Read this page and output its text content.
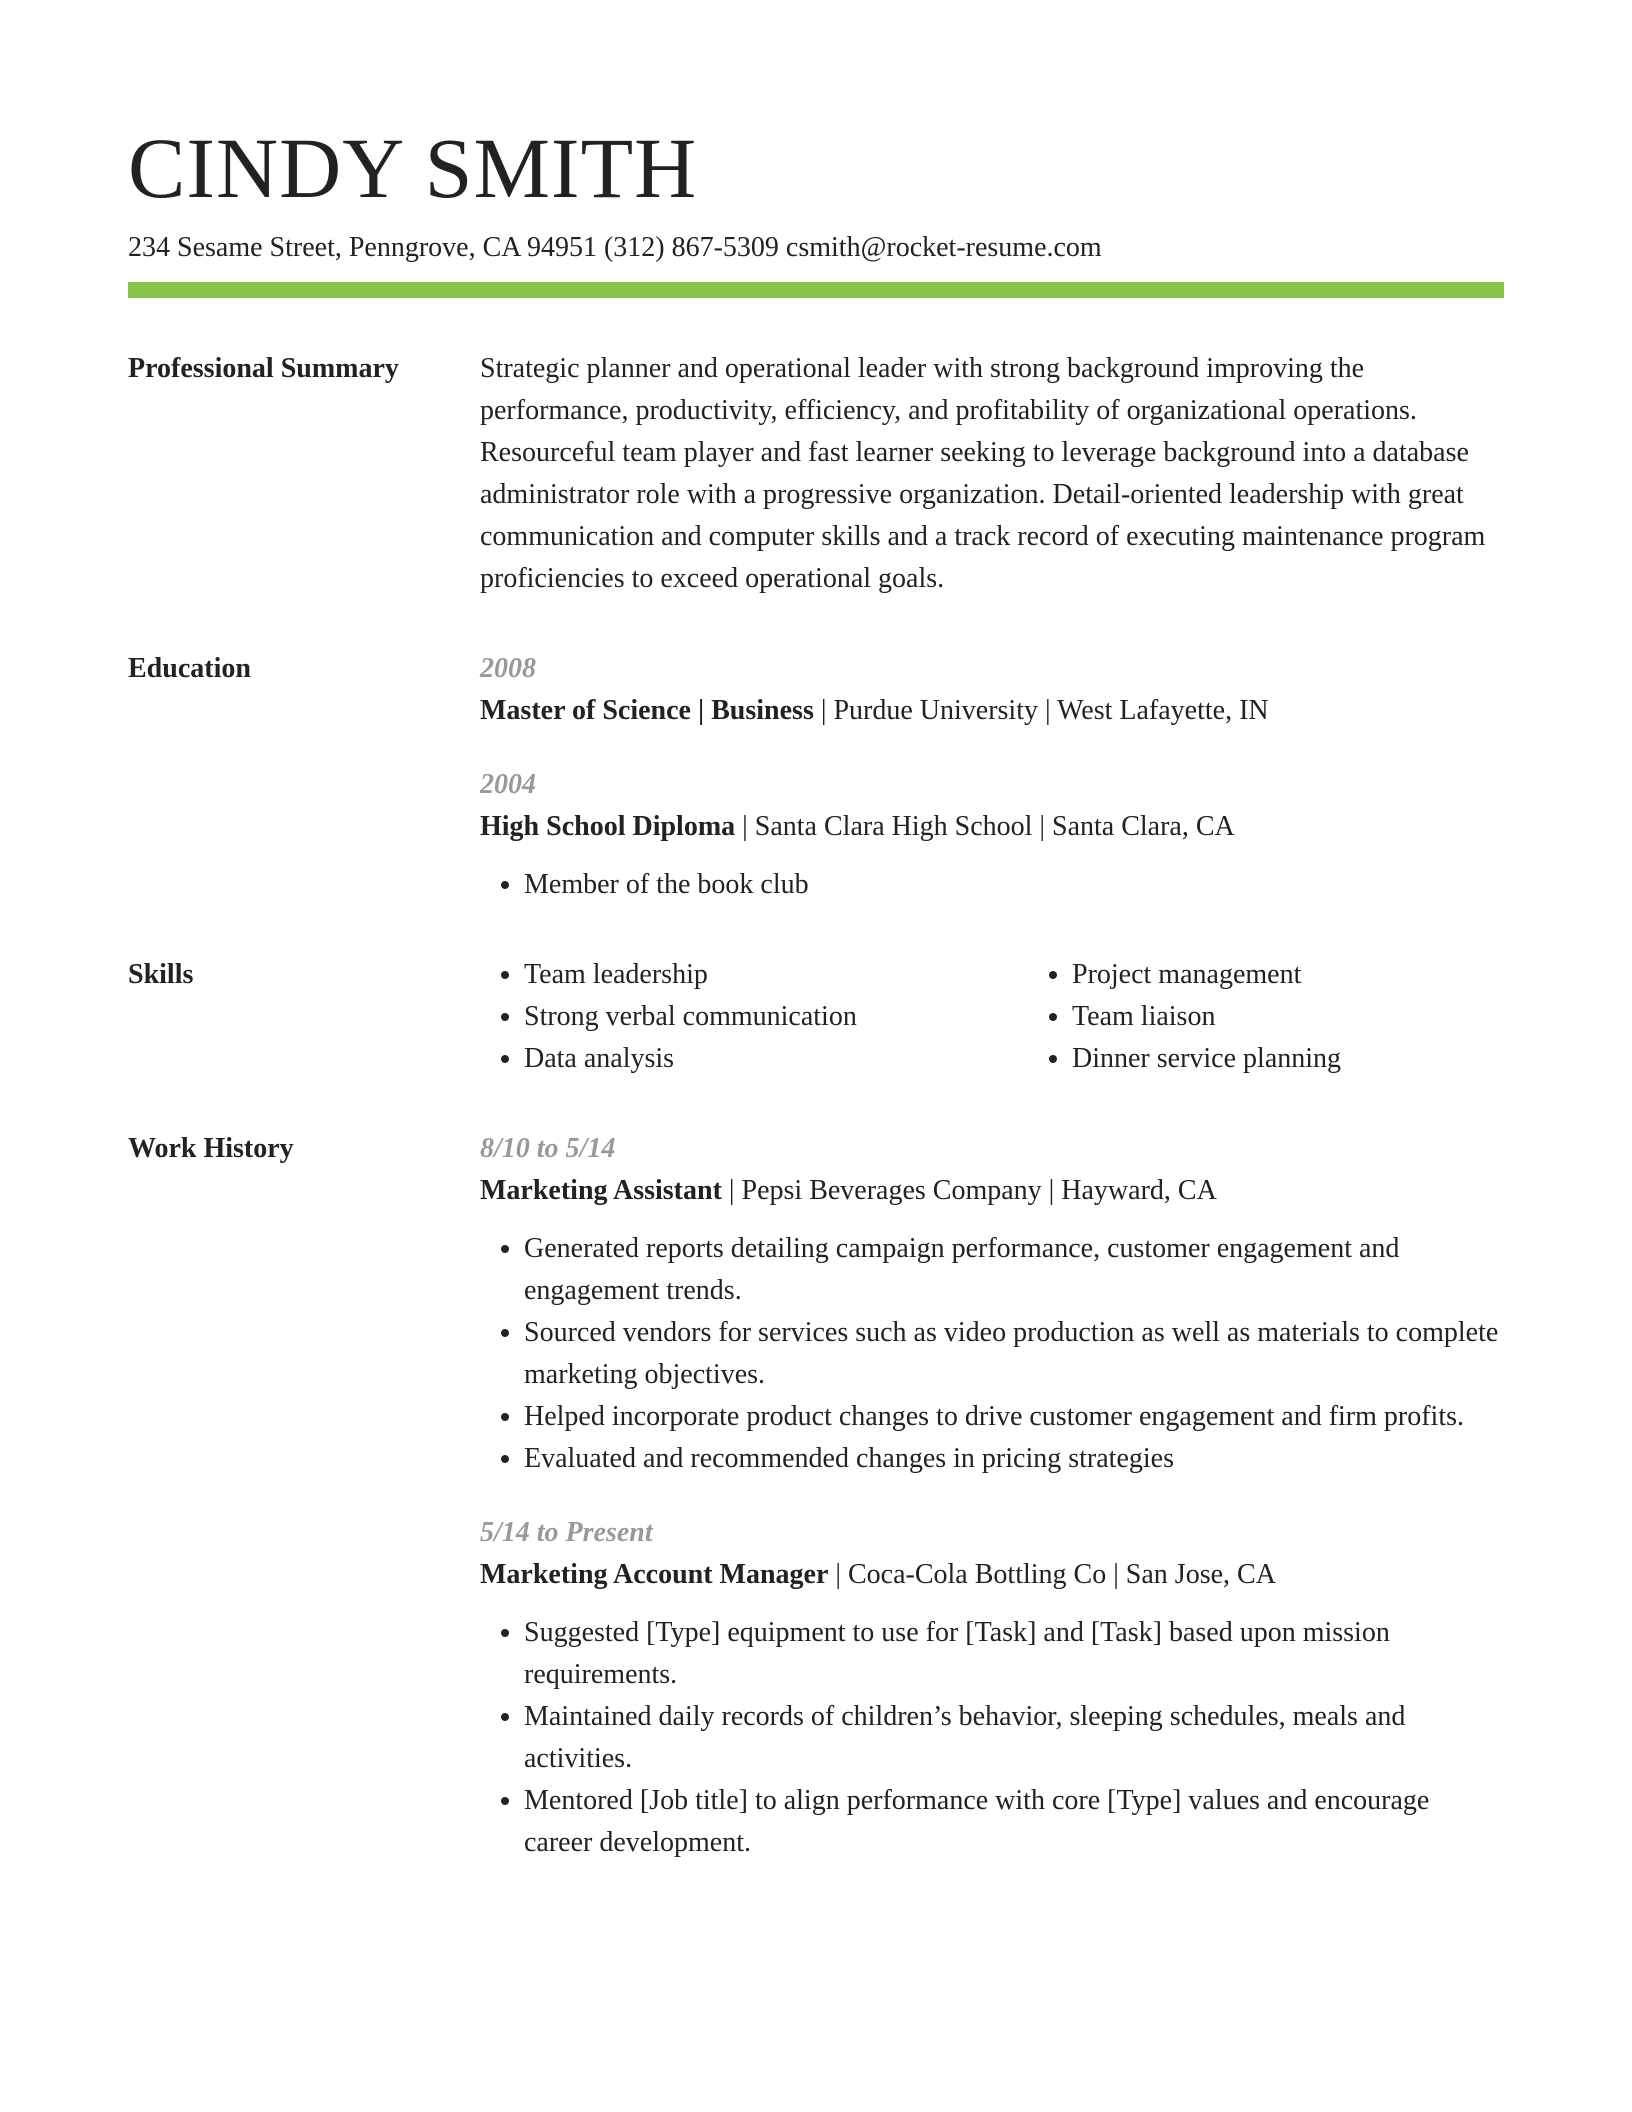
CINDY SMITH
234 Sesame Street, Penngrove, CA 94951 (312) 867-5309 csmith@rocket-resume.com
Professional Summary	Strategic planner and operational leader with strong background improving the performance, productivity, efficiency, and profitability of organizational operations. Resourceful team player and fast learner seeking to leverage background into a database administrator role with a progressive organization. Detail-oriented leadership with great communication and computer skills and a track record of executing maintenance program proficiencies to exceed operational goals.

Education	2008
Master of Science | Business | Purdue University | West Lafayette, IN
2004
High School Diploma | Santa Clara High School | Santa Clara, CA
• Member of the book club
Skills
•	Team leadership
• Strong verbal communication
• Data analysis
• Project management
• Team liaison
• Dinner service planning
Work History	8/10 to 5/14
Marketing Assistant | Pepsi Beverages Company | Hayward, CA
• Generated reports detailing campaign performance, customer engagement and engagement trends.
• Sourced vendors for services such as video production as well as materials to complete marketing objectives.
• Helped incorporate product changes to drive customer engagement and firm profits.
• Evaluated and recommended changes in pricing strategies
5/14 to Present
Marketing Account Manager | Coca-Cola Bottling Co | San Jose, CA
• Suggested [Type] equipment to use for [Task] and [Task] based upon mission requirements.
• Maintained daily records of children’s behavior, sleeping schedules, meals and activities.
• Mentored [Job title] to align performance with core [Type] values and encourage career development.
